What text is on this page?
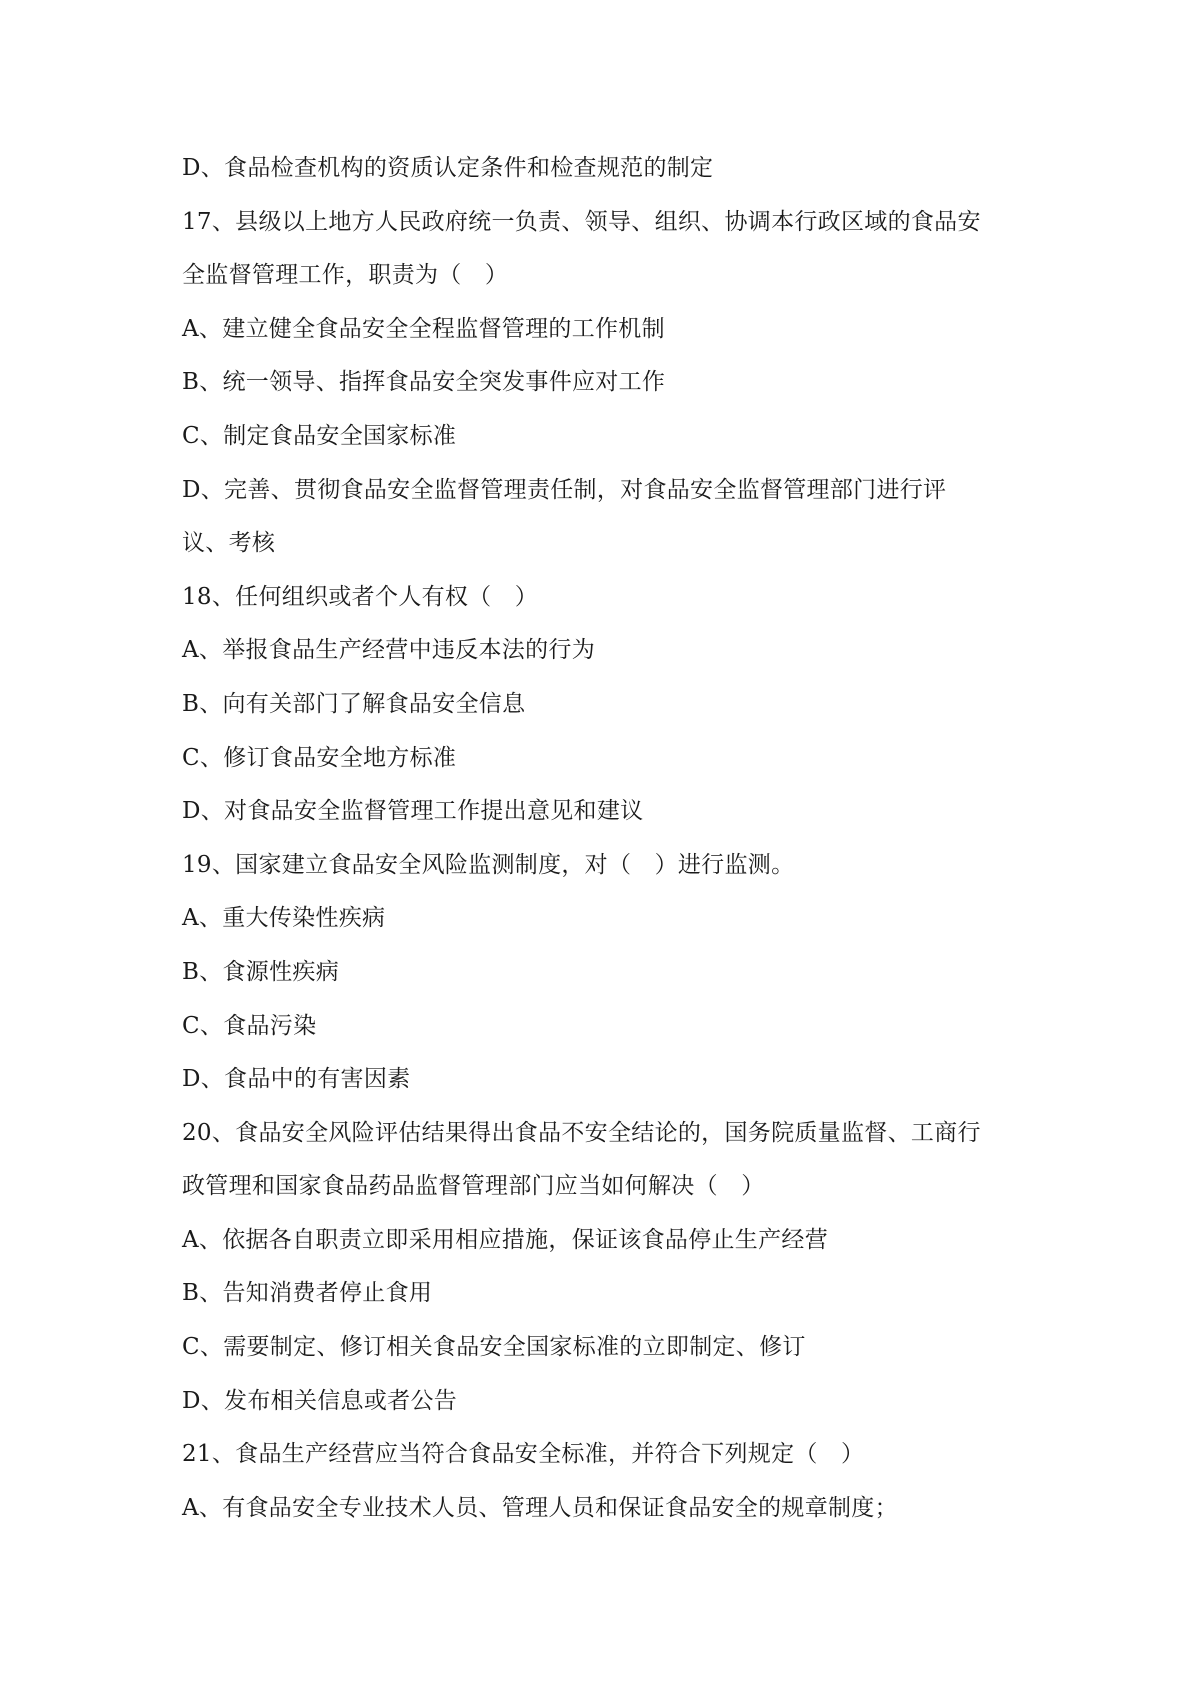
D、食品检查机构的资质认定条件和检查规范的制定
17、县级以上地方人民政府统一负责、领导、组织、协调本行政区域的食品安
全监督管理工作，职责为（　）
A、建立健全食品安全全程监督管理的工作机制
B、统一领导、指挥食品安全突发事件应对工作
C、制定食品安全国家标准
D、完善、贯彻食品安全监督管理责任制，对食品安全监督管理部门进行评
议、考核
18、任何组织或者个人有权（　）
A、举报食品生产经营中违反本法的行为
B、向有关部门了解食品安全信息
C、修订食品安全地方标准
D、对食品安全监督管理工作提出意见和建议
19、国家建立食品安全风险监测制度，对（　）进行监测。
A、重大传染性疾病
B、食源性疾病
C、食品污染
D、食品中的有害因素
20、食品安全风险评估结果得出食品不安全结论的，国务院质量监督、工商行
政管理和国家食品药品监督管理部门应当如何解决（　）
A、依据各自职责立即采用相应措施，保证该食品停止生产经营
B、告知消费者停止食用
C、需要制定、修订相关食品安全国家标准的立即制定、修订
D、发布相关信息或者公告
21、食品生产经营应当符合食品安全标准，并符合下列规定（　）
A、有食品安全专业技术人员、管理人员和保证食品安全的规章制度；
